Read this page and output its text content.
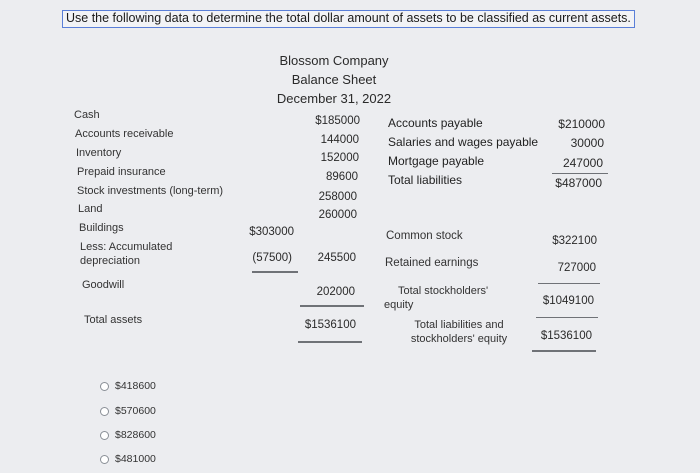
Use the following data to determine the total dollar amount of assets to be classified as current assets.
Blossom Company
Balance Sheet
December 31, 2022
Cash
Accounts receivable
Inventory
Prepaid insurance
Stock investments (long-term)
Land
Buildings
Less: Accumulated depreciation
Goodwill
Total assets
$303000
(57500)
$185000
144000
152000
89600
258000
260000
245500
202000
$1536100
Accounts payable
Salaries and wages payable
Mortgage payable
Total liabilities
$210000
30000
247000
$487000
Common stock
Retained earnings
Total stockholders' equity
Total liabilities and stockholders' equity
$322100
727000
$1049100
$1536100
$418600
$570600
$828600
$481000
